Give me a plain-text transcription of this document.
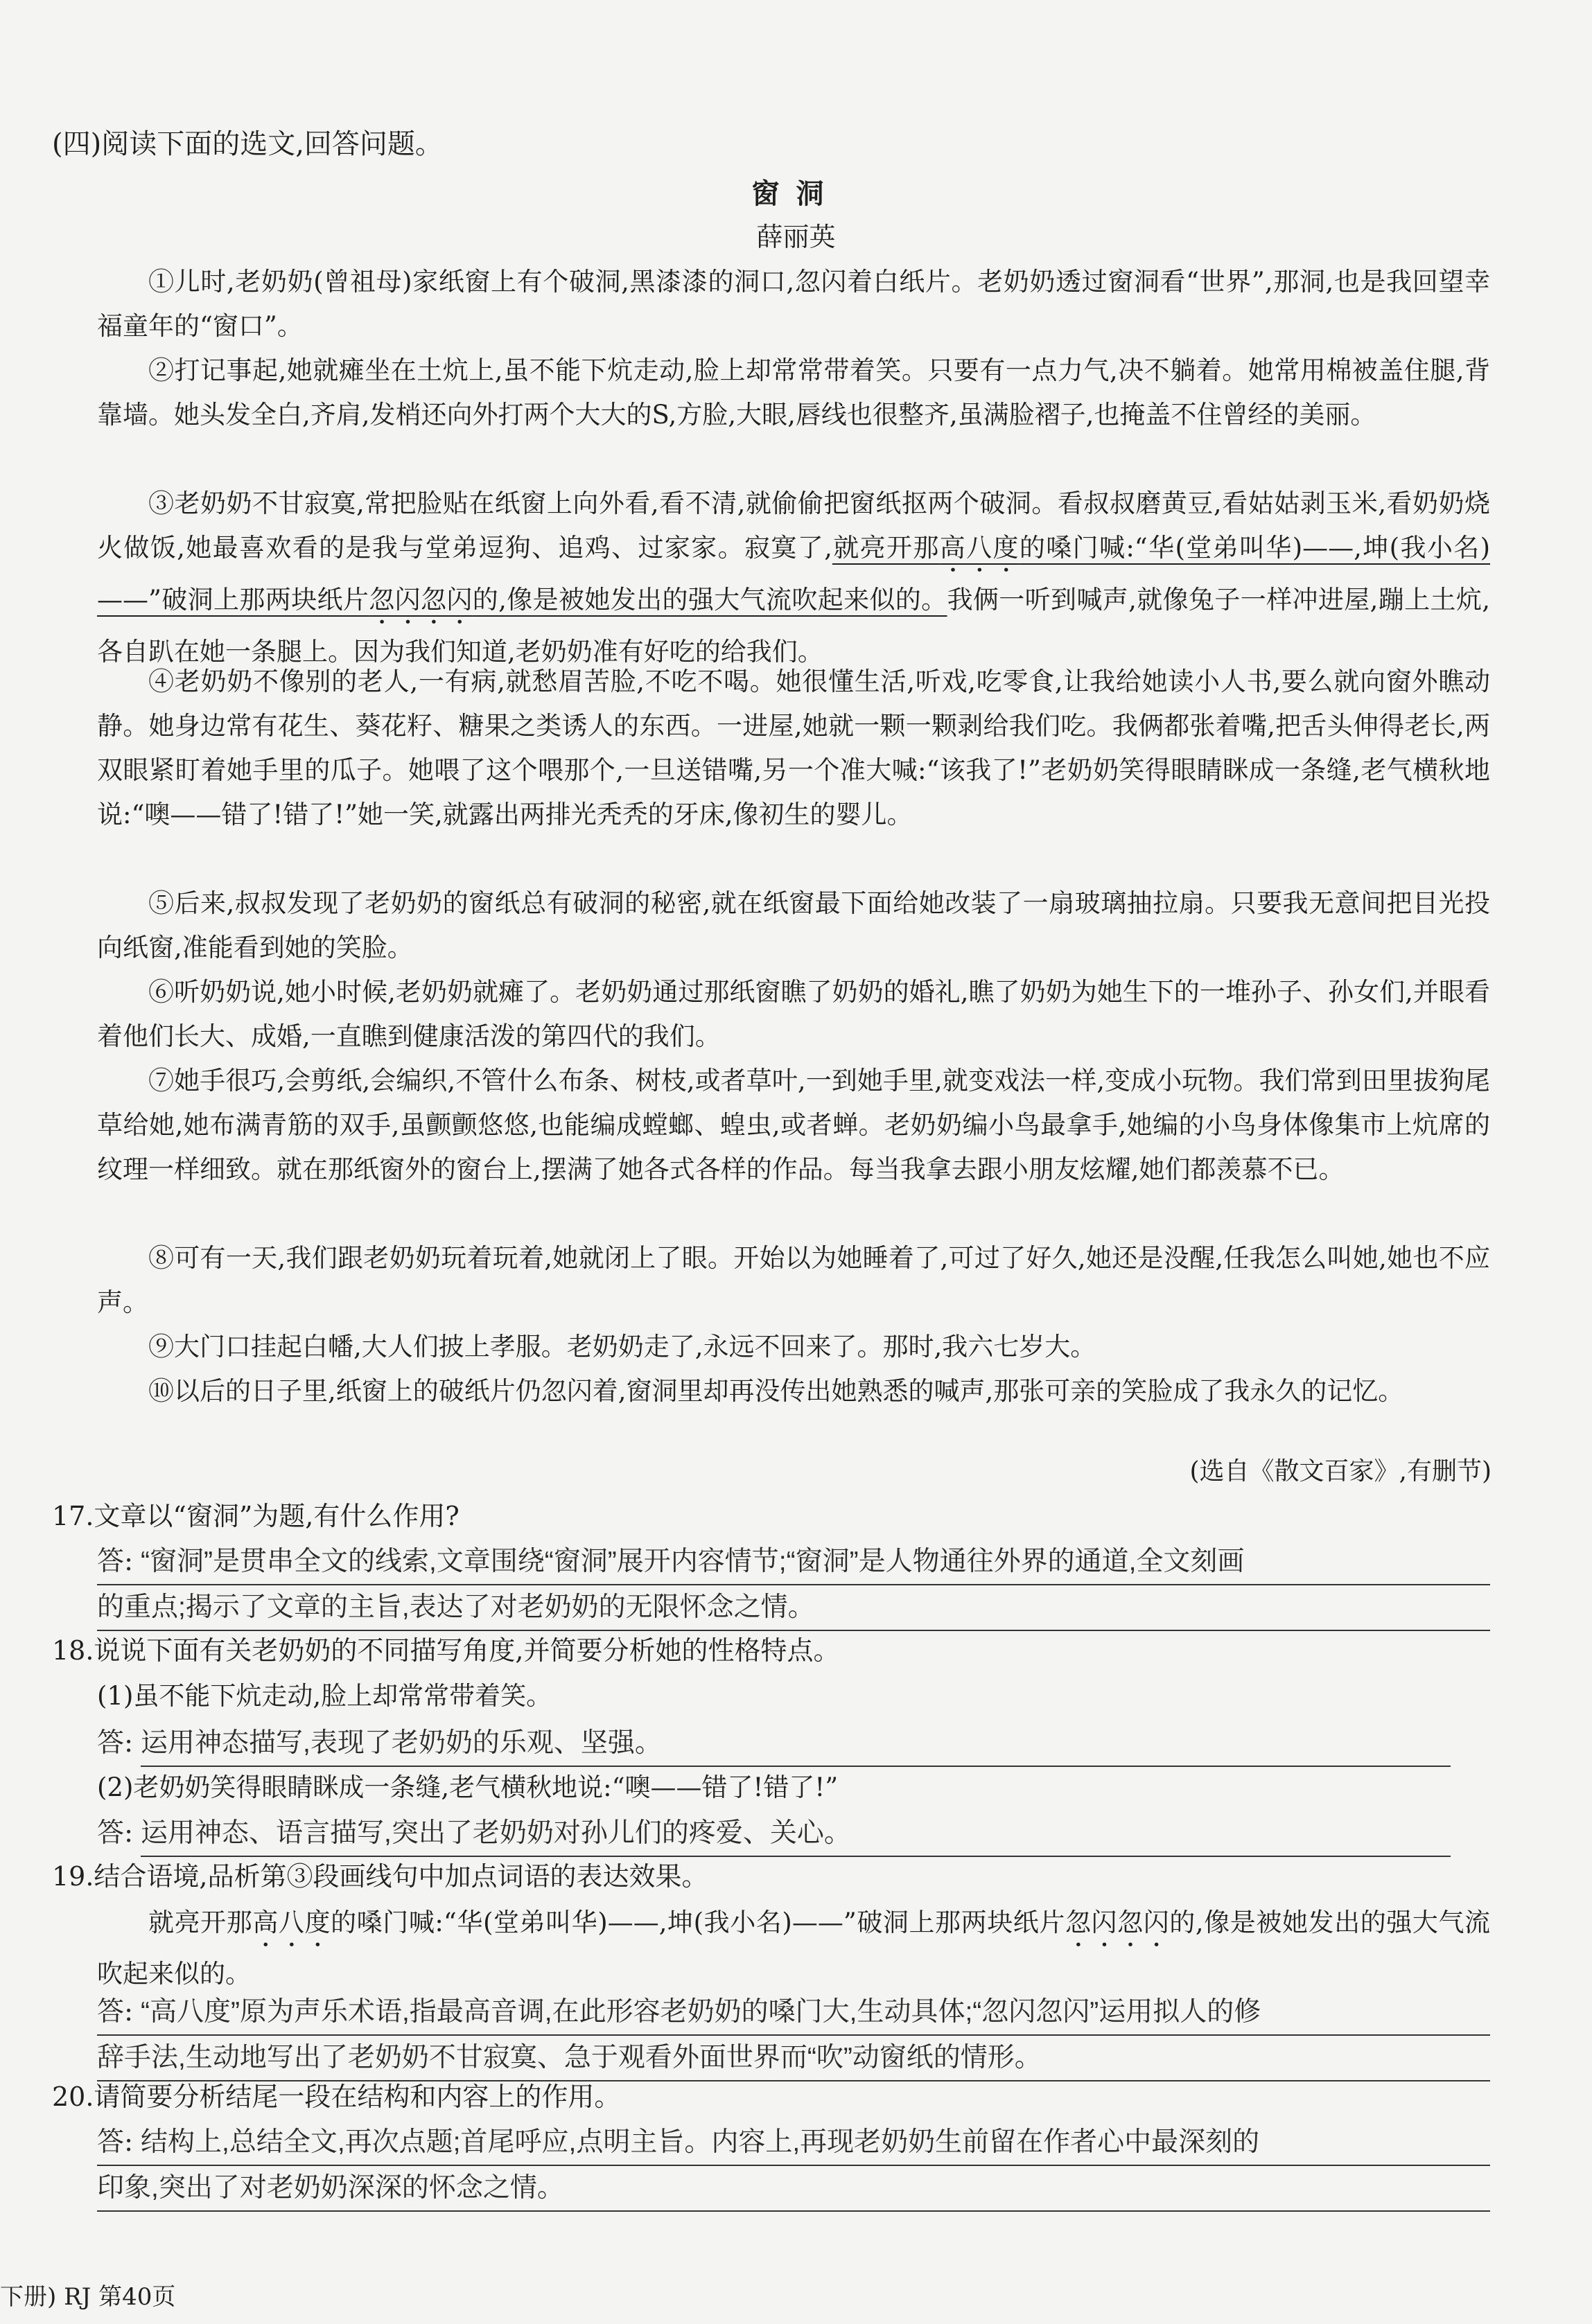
(四)阅读下面的选文,回答问题。
窗洞
薛丽英
①儿时,老奶奶(曾祖母)家纸窗上有个破洞,黑漆漆的洞口,忽闪着白纸片。老奶奶透过窗洞看“世界”,那洞,也是我回望幸福童年的“窗口”。
②打记事起,她就瘫坐在土炕上,虽不能下炕走动,脸上却常常带着笑。只要有一点力气,决不躺着。她常用棉被盖住腿,背靠墙。她头发全白,齐肩,发梢还向外打两个大大的S,方脸,大眼,唇线也很整齐,虽满脸褶子,也掩盖不住曾经的美丽。
③老奶奶不甘寂寞,常把脸贴在纸窗上向外看,看不清,就偷偷把窗纸抠两个破洞。看叔叔磨黄豆,看姑姑剥玉米,看奶奶烧火做饭,她最喜欢看的是我与堂弟逗狗、追鸡、过家家。寂寞了,就亮开那高八度的嗓门喊:“华(堂弟叫华)——,坤(我小名)——”破洞上那两块纸片忽闪忽闪的,像是被她发出的强大气流吹起来似的。我俩一听到喊声,就像兔子一样冲进屋,蹦上土炕,各自趴在她一条腿上。因为我们知道,老奶奶准有好吃的给我们。
④老奶奶不像别的老人,一有病,就愁眉苦脸,不吃不喝。她很懂生活,听戏,吃零食,让我给她读小人书,要么就向窗外瞧动静。她身边常有花生、葵花籽、糖果之类诱人的东西。一进屋,她就一颗一颗剥给我们吃。我俩都张着嘴,把舌头伸得老长,两双眼紧盯着她手里的瓜子。她喂了这个喂那个,一旦送错嘴,另一个准大喊:“该我了!”老奶奶笑得眼睛眯成一条缝,老气横秋地说:“噢——错了!错了!”她一笑,就露出两排光秃秃的牙床,像初生的婴儿。
⑤后来,叔叔发现了老奶奶的窗纸总有破洞的秘密,就在纸窗最下面给她改装了一扇玻璃抽拉扇。只要我无意间把目光投向纸窗,准能看到她的笑脸。
⑥听奶奶说,她小时候,老奶奶就瘫了。老奶奶通过那纸窗瞧了奶奶的婚礼,瞧了奶奶为她生下的一堆孙子、孙女们,并眼看着他们长大、成婚,一直瞧到健康活泼的第四代的我们。
⑦她手很巧,会剪纸,会编织,不管什么布条、树枝,或者草叶,一到她手里,就变戏法一样,变成小玩物。我们常到田里拔狗尾草给她,她布满青筋的双手,虽颤颤悠悠,也能编成螳螂、蝗虫,或者蝉。老奶奶编小鸟最拿手,她编的小鸟身体像集市上炕席的纹理一样细致。就在那纸窗外的窗台上,摆满了她各式各样的作品。每当我拿去跟小朋友炫耀,她们都羡慕不已。
⑧可有一天,我们跟老奶奶玩着玩着,她就闭上了眼。开始以为她睡着了,可过了好久,她还是没醒,任我怎么叫她,她也不应声。
⑨大门口挂起白幡,大人们披上孝服。老奶奶走了,永远不回来了。那时,我六七岁大。
⑩以后的日子里,纸窗上的破纸片仍忽闪着,窗洞里却再没传出她熟悉的喊声,那张可亲的笑脸成了我永久的记忆。
(选自《散文百家》,有删节)
17.文章以“窗洞”为题,有什么作用?
答: “窗洞”是贯串全文的线索,文章围绕“窗洞”展开内容情节;“窗洞”是人物通往外界的通道,全文刻画
的重点;揭示了文章的主旨,表达了对老奶奶的无限怀念之情。
18.说说下面有关老奶奶的不同描写角度,并简要分析她的性格特点。
(1)虽不能下炕走动,脸上却常常带着笑。
答: 运用神态描写,表现了老奶奶的乐观、坚强。
(2)老奶奶笑得眼睛眯成一条缝,老气横秋地说:“噢——错了!错了!”
答: 运用神态、语言描写,突出了老奶奶对孙儿们的疼爱、关心。
19.结合语境,品析第③段画线句中加点词语的表达效果。
就亮开那高八度的嗓门喊:“华(堂弟叫华)——,坤(我小名)——”破洞上那两块纸片忽闪忽闪的,像是被她发出的强大气流吹起来似的。
答: “高八度”原为声乐术语,指最高音调,在此形容老奶奶的嗓门大,生动具体;“忽闪忽闪”运用拟人的修
辞手法,生动地写出了老奶奶不甘寂寞、急于观看外面世界而“吹”动窗纸的情形。
20.请简要分析结尾一段在结构和内容上的作用。
答: 结构上,总结全文,再次点题;首尾呼应,点明主旨。内容上,再现老奶奶生前留在作者心中最深刻的
印象,突出了对老奶奶深深的怀念之情。
下册) RJ 第40页
